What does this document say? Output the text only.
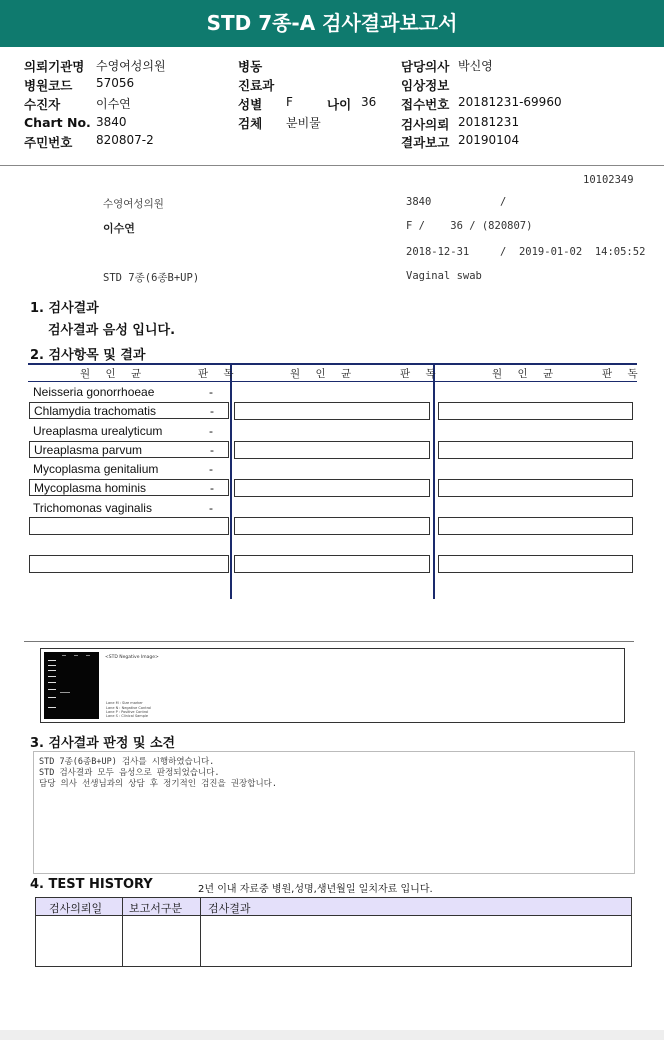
STD 7종-A 검사결과보고서
의뢰기관명 수영여성의원
병원코드 57056
수진자	이수연
Chart No. 3840
주민번호 820807-2
병동
진료과
성별 F	나이 36
검체 분비물
담당의사 박신영
임상정보
접수번호 20181231-69960
검사의뢰 20181231
결과보고 20190104
10102349
수영여성의원	3840	/
이수연	F /    36 / (820807)
2018-12-31	/  2019-01-02  14:05:52
STD 7종(6종B+UP)	Vaginal swab
1. 검사결과
검사결과 음성 입니다.
2. 검사항목 및 결과
원 인 균	판 독	원 인 균	판 독	원 인 균	판 독
Neisseria gonorrhoeae	-
Chlamydia trachomatis	-
Ureaplasma urealyticum	-
Ureaplasma parvum	-
Mycoplasma genitalium	-
Mycoplasma hominis	-
Trichomonas vaginalis	-
<STD Negative Image>
Lane M : Size marker
Lane N : Negative Control
Lane P : Positive Control
Lane S : Clinical Sample
3. 검사결과 판정 및 소견
STD 7종(6종B+UP) 검사를 시행하였습니다.
STD 검사결과 모두 음성으로 판정되었습니다.
담당 의사 선생님과의 상담 후 정기적인 검진을 권장합니다.
4. TEST HISTORY	2년 이내 자료중 병원,성명,생년월일 일치자료 입니다.
검사의뢰일 보고서구분 검사결과
